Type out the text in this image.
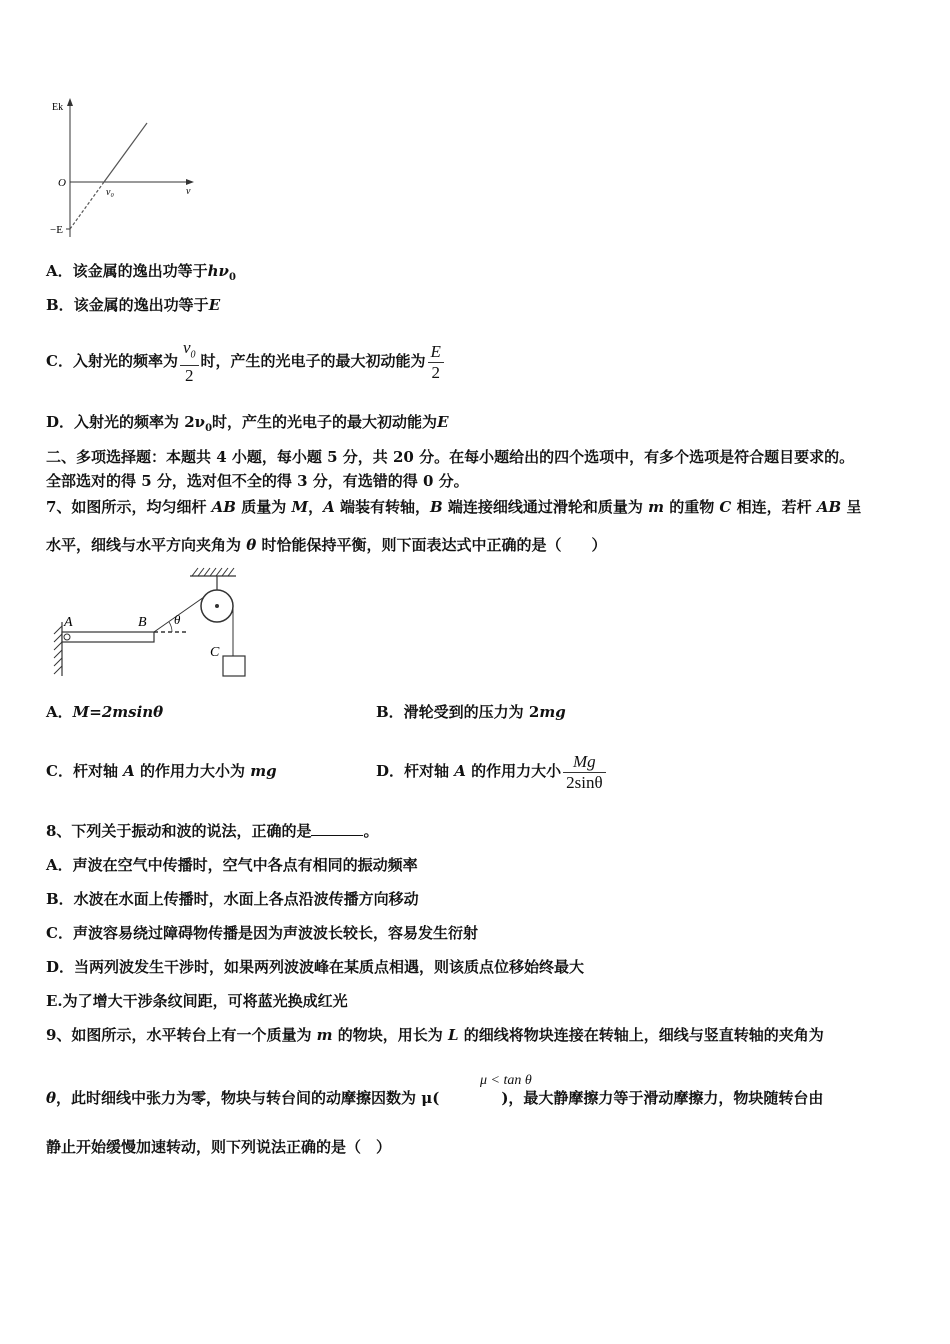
Ek
O
ν
ν₀
−E
A．该金属的逸出功等于$h\nu_0$
B．该金属的逸出功等于E
C．入射光的频率为 $\frac{\nu_0}{2}$ 时，产生的光电子的最大初动能为 $\frac{E}{2}$
D．入射光的频率为 $2\nu_0$时，产生的光电子的最大初动能为E
二、多项选择题：本题共 4 小题，每小题 5 分，共 20 分。在每小题给出的四个选项中，有多个选项是符合题目要求的。
全部选对的得 5 分，选对但不全的得 3 分，有选错的得 0 分。
7、如图所示，均匀细杆 AB 质量为 M，A 端装有转轴，B 端连接细线通过滑轮和质量为 m 的重物 C 相连，若杆 AB 呈
水平，细线与水平方向夹角为 θ 时恰能保持平衡，则下面表达式中正确的是（　　）
A	B θ
C
A．M=2msinθ	B．滑轮受到的压力为 2mg
C．杆对轴 A 的作用力大小为 mg	D．杆对轴 A 的作用力大小 $\frac{Mg}{2\sin\theta}$
8、下列关于振动和波的说法，正确的是	。
A．声波在空气中传播时，空气中各点有相同的振动频率
B．水波在水面上传播时，水面上各点沿波传播方向移动
C．声波容易绕过障碍物传播是因为声波波长较长，容易发生衍射
D．当两列波发生干涉时，如果两列波波峰在某质点相遇，则该质点位移始终最大
E.为了增大干涉条纹间距，可将蓝光换成红光
9、如图所示，水平转台上有一个质量为 m 的物块，用长为 L 的细线将物块连接在转轴上，细线与竖直转轴的夹角为
μ < tan θ
θ，此时细线中张力为零，物块与转台间的动摩擦因数为 μ(	)，最大静摩擦力等于滑动摩擦力，物块随转台由
静止开始缓慢加速转动，则下列说法正确的是（　）
